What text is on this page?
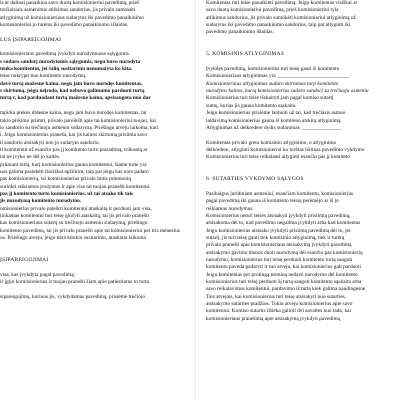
is ar dalinai panaikina savo duotą komisionieriui pavedimą, prieš
trečiaisiais asmenimis atlikimus sandorius, jis privalo sumokėti
atlyginimą už komisionieriaus sudarytus iki pavedimo panaikinimo
komisionieriui jo turėtas iki pavedimo panaikinimo išlaidas.
LUS ĮSIPAREIGOJIMAI
komisionieriaus pavedimą įvykdyti nurodymuose sąlygomis.
s sudaro sandorį nurodytomis sąlygomis, negu buvo nurodyta
tenka komitentui, jei šalių susitarimu nenumatyta ko kita.
teise nukrypti nuo komitento nurodymų.
davė turtą mažesne kaina, negu jam buvo nurodęs komitentas,
s skirtumą, jeigu neįrodo, kad nebuvo galimumo parduoti turtą
turtą r, kad parduodant turtą mažesne kaina, apsisaugota nuo dar
mpirka prekes didesne kaina, negu jam buvo nurodęs komitentas, tai
tokio pirkimo priimti, privalo pareikšti apie tai komisionieriui tuojau, kai
io sandorio su trečiuoju asmeniu sudarymą. Priešingu atveju laikoma, kad
i. Jeigu komisionierius praneša, kai jis kainos skirtumą prisiima savo
ti sandorio atsisakyti nuo jo sudaryto sandorio.
ti komitentui už esančio pas jį komitento turto praradimą, trūkumą ar
tai ne įvyko ne dėl jo kaltės.
priimant turtą, kurį komisionierius gauna komitentui, šiame turte yra
uos galima pastebėti išoriškai apžiūrint, taip pat jeigu kas nors padaro
pas komisionierių, tai komisionierius privalo imtis priemonių
surinkti reikiamus įrodymus ir apie visa tai tuojau pranešti komitentui.
pas jį komitento turto komisionierius, už tai atsako tik tais
jis nurodymą komitento nurodymo.
omisionierius privalo pateikti komitentui ataskaitą ir perduoti jam visa,
tinkamas komitentui turi teisę ginčyti ataskaitą, tai jis privalo pranešti
kas komisionieriaus sutartį su trečiuoju asmeniu sudarymą, priešingu
komitento pavedimą, tai jis privalo pranešti apie tai komisionieriui per tris mėnesius
os. Priešingu atveju, jeigu nėra kitokio susitarimo, ataskaita laikoma
ĮSIPAREIGOJIMAI
visa, kas įvykdyta pagal pavedimą;
ir įgijo komisionierius ir tuojau pranešti šiam apie patiestintus to turto
sipareigojimų, kuriuos jis, vykdydamas pavedimą, prisiėmė trečiojo
Komitentas turi teise panaikinti pavedimą. Jeigu komitentas visiškai ar
savo duotą komisionieriui pavedimą, prieš komisionieriui tyla
atlikimus sandorius, jis privalo sumokėti komisionieriui atlyginimą už
sudarytus iki pavedimo panaikinimo sandorius, taip pat atlyginti iki
pavedimo panaikinimo išlaidas.
5. KOMISINIS ATLYGINIMAS
Įvykdęs pavedimą, komisionierius turi teisę gauti iš komitento
Komisionieriaus atlyginimas yra ___________________________
Komisionieriaus atlyginimas sudaro skirtumas tarp komitento
nurodytos kainos, kurią komisionierius sudaro sandorį su trečiuoju asmeniu
Komisionierius turi teise išskaityti jam pagal komiso sutartį
sumų, kurias jis gauna komitento sąskaita.
Jeigu komisionierius prisiėme laiduoti už tai, kad trečiasis asmuo
laidavimą komisionierius gauna iš komiteno atskirą atlyginimą.
Atlyginimas už delkredere dydis sudaromas _______________
Komitentas privalo greta komisinio atlyginimo, o atlyginimo
delkredere, atlyginti komisionieriui ko turėtas būtinas pavedimo vykdymo
Komisionierius turi teise reikalauti atlyginti esančio pas jį komiteto
6. SUTARTIES VYKDYMO SĄLYGOS
Pasibaigus juridiniam asmeniui, esančiam komitentu, komisionierius
pagal pavedimą iki gauna iš komitento teisių perėmėjo ar iš jo
reikiamus nurodymus.
Komisionierius neturi teisės atsisakyti įvykdyti prisiimtą pavedimą,
atsisakoma dėl to, kad pavedimo negalima įvykdyti arba kad komitentas
Jeigu komisionierius atsisako įvykdyti prisiimą pavedimą dėl to, jei
sutartį, jis turi teisę gauti tiek komisinio atlyginimą, tiek ir turėtų
privalo pranešti apie komisionieriaus atsisakymą įvykdyti pavedimą
atsisakymo gavimo dienos duoti nurodymą dėl esančio pas komisionierių
nurodymo, komisionierius turi teisę perduoti komitento turtą saugoti
komitento paveda padaryti ir tuo atveju, kai komisionierius gali parduoti
Jeigu komitentas per protingą terminą nedavė nurodymo dėl komitento
komisionierius turi teisę perduoti šį turtą saugoti komitento sąskaita arba
savo reikalavimus komitentui, pardavimo iš turtą kiek galima naudingesne
Tais atvejais, kai komisionierius turi teisę atsisakyti nuo sutarties,
atsisakymo sutarties pradžios. Tokiu atveju komisionierius apie savo
komitentui. Komiso sutartis išlieka galioti dvi savaites nuo tada, kai
komisionieriaus pranešimą apie atsisakymą įvykdyti pavedimą
